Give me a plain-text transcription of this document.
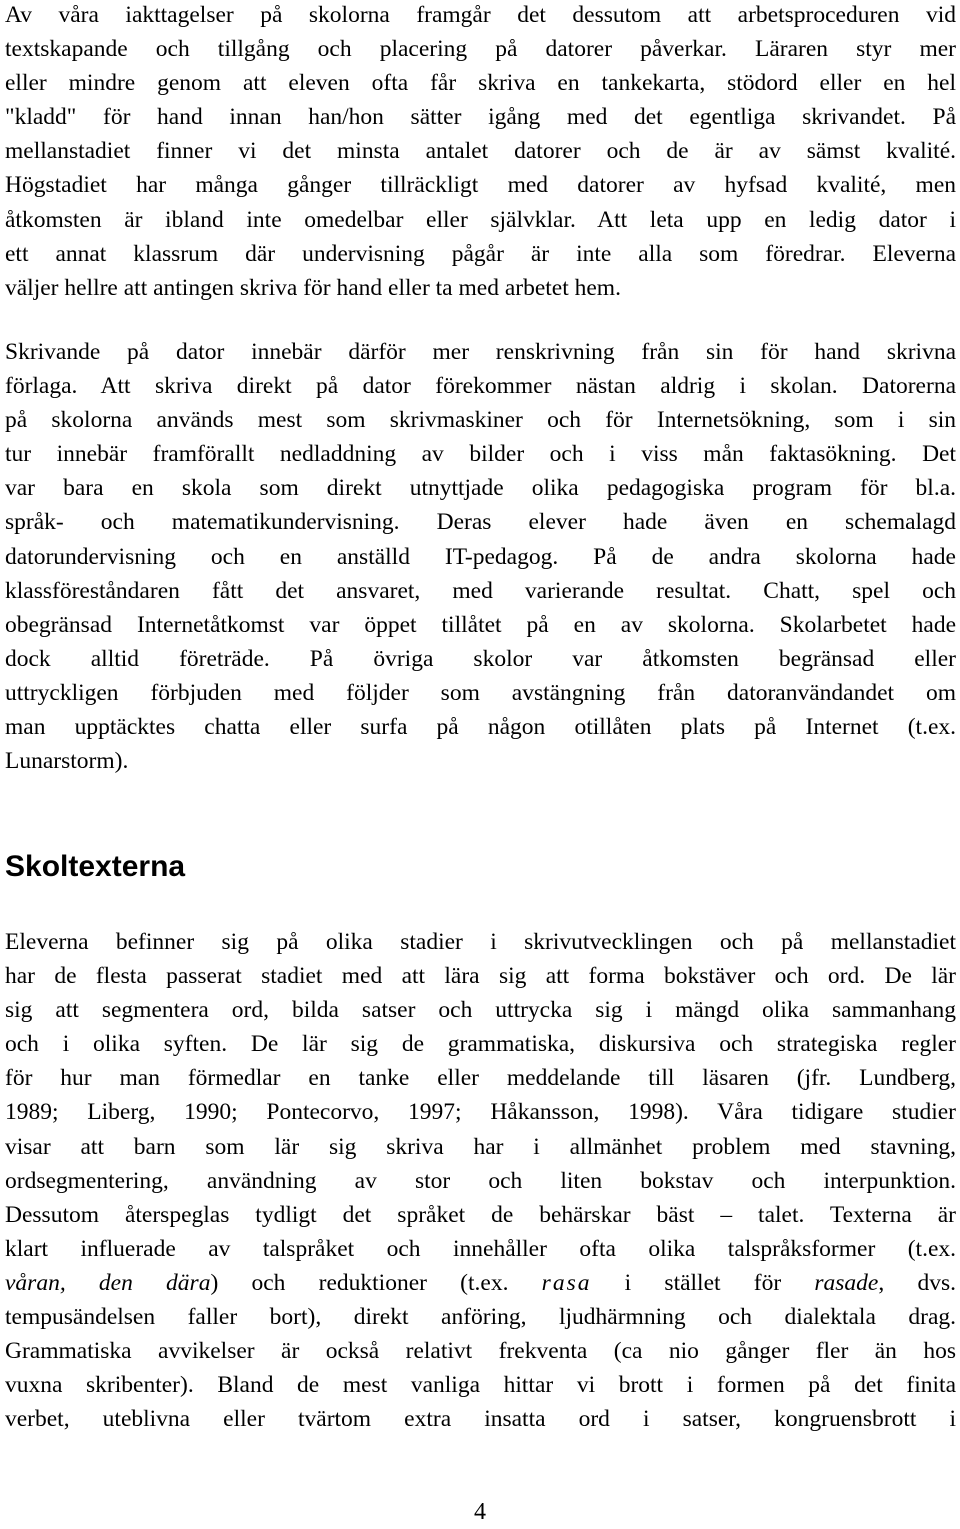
Av våra iakttagelser på skolorna framgår det dessutom att arbetsproceduren vid
textskapande och tillgång och placering på datorer påverkar. Läraren styr mer
eller mindre genom att eleven ofta får skriva en tankekarta, stödord eller en hel
"kladd" för hand innan han/hon sätter igång med det egentliga skrivandet. På
mellanstadiet finner vi det minsta antalet datorer och de är av sämst kvalité.
Högstadiet har många gånger tillräckligt med datorer av hyfsad kvalité, men
åtkomsten är ibland inte omedelbar eller självklar. Att leta upp en ledig dator i
ett annat klassrum där undervisning pågår är inte alla som föredrar. Eleverna
väljer hellre att antingen skriva för hand eller ta med arbetet hem.
Skrivande på dator innebär därför mer renskrivning från sin för hand skrivna
förlaga. Att skriva direkt på dator förekommer nästan aldrig i skolan. Datorerna
på skolorna används mest som skrivmaskiner och för Internetsökning, som i sin
tur innebär framförallt nedladdning av bilder och i viss mån faktasökning. Det
var bara en skola som direkt utnyttjade olika pedagogiska program för bl.a.
språk- och matematikundervisning. Deras elever hade även en schemalagd
datorundervisning och en anställd IT-pedagog. På de andra skolorna hade
klassföreståndaren fått det ansvaret, med varierande resultat. Chatt, spel och
obegränsad Internetåtkomst var öppet tillåtet på en av skolorna. Skolarbetet hade
dock alltid företräde. På övriga skolor var åtkomsten begränsad eller
uttryckligen förbjuden med följder som avstängning från datoranvändandet om
man upptäcktes chatta eller surfa på någon otillåten plats på Internet (t.ex.
Lunarstorm).
Skoltexterna
Eleverna befinner sig på olika stadier i skrivutvecklingen och på mellanstadiet
har de flesta passerat stadiet med att lära sig att forma bokstäver och ord. De lär
sig att segmentera ord, bilda satser och uttrycka sig i mängd olika sammanhang
och i olika syften. De lär sig de grammatiska, diskursiva och strategiska regler
för hur man förmedlar en tanke eller meddelande till läsaren (jfr. Lundberg,
1989; Liberg, 1990; Pontecorvo, 1997; Håkansson, 1998). Våra tidigare studier
visar att barn som lär sig skriva har i allmänhet problem med stavning,
ordsegmentering, användning av stor och liten bokstav och interpunktion.
Dessutom återspeglas tydligt det språket de behärskar bäst – talet. Texterna är
klart influerade av talspråket och innehåller ofta olika talspråksformer (t.ex.
våran, den dära) och reduktioner (t.ex. rasa i stället för rasade, dvs.
tempusändelsen faller bort), direkt anföring, ljudhärmning och dialektala drag.
Grammatiska avvikelser är också relativt frekventa (ca nio gånger fler än hos
vuxna skribenter). Bland de mest vanliga hittar vi brott i formen på det finita
verbet, uteblivna eller tvärtom extra insatta ord i satser, kongruensbrott i
4
